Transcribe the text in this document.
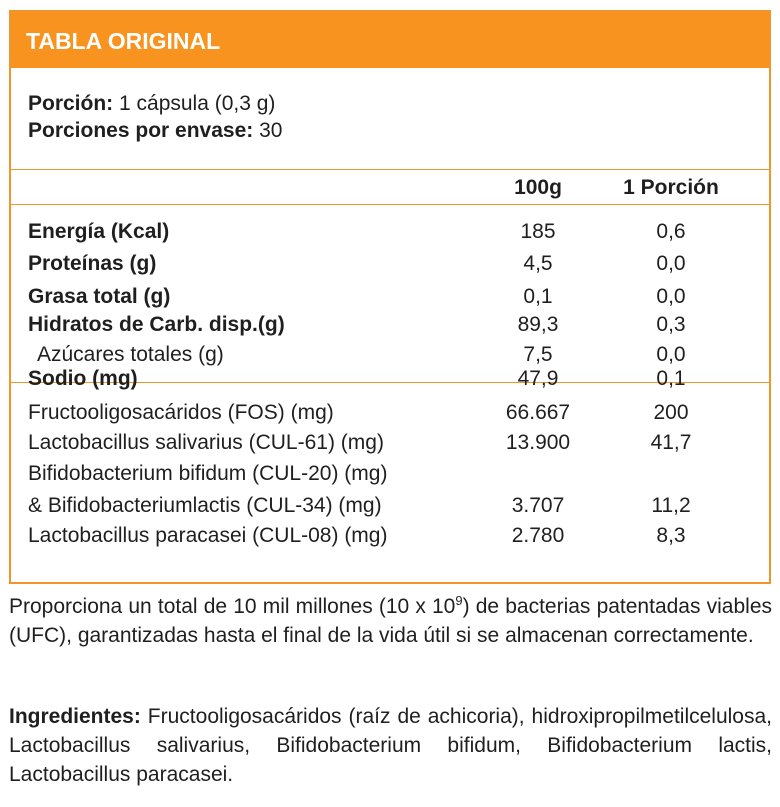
TABLA ORIGINAL
Porción: 1 cápsula (0,3 g)
Porciones por envase: 30
100g	1 Porción
Energía (Kcal)	185	0,6
Proteínas (g)	4,5	0,0
Grasa total (g)	0,1	0,0
Hidratos de Carb. disp.(g)	89,3	0,3
Azúcares totales (g)	7,5	0,0
Sodio (mg)	47,9	0,1
Fructooligosacáridos (FOS) (mg)	66.667	200
Lactobacillus salivarius (CUL-61) (mg)	13.900	41,7
Bifidobacterium bifidum (CUL-20) (mg)
& Bifidobacteriumlactis (CUL-34) (mg)	3.707	11,2
Lactobacillus paracasei (CUL-08) (mg)	2.780	8,3
Proporciona un total de 10 mil millones (10 x $10^9$) de bacterias patentadas viables (UFC), garantizadas hasta el final de la vida útil si se almacenan correctamente.
Ingredientes: Fructooligosacáridos (raíz de achicoria), hidroxipropilmetilcelulosa, Lactobacillus salivarius, Bifidobacterium bifidum, Bifidobacterium lactis, Lactobacillus paracasei.
